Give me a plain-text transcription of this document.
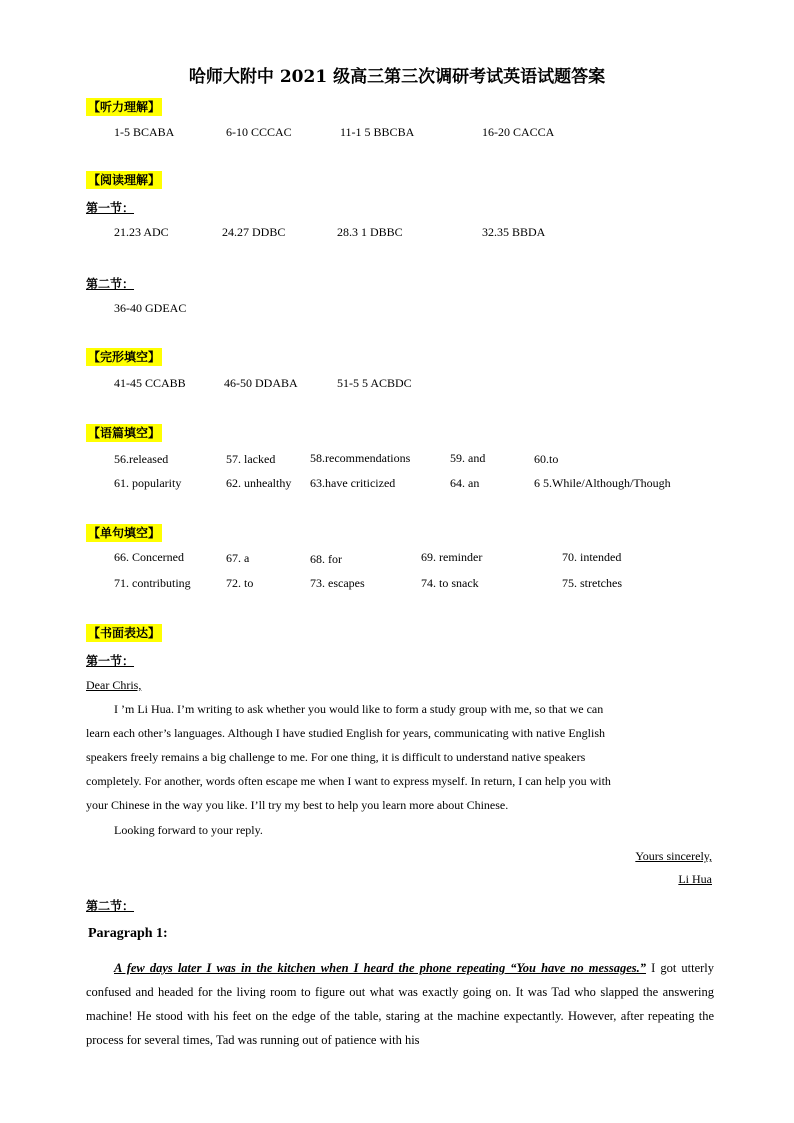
哈师大附中 2021 级高三第三次调研考试英语试题答案
【听力理解】
1-5 BCABA	6-10 CCCAC	11-1 5 BBCBA	16-20 CACCA
【阅读理解】
第一节：
21.23 ADC	24.27 DDBC	28.3 1 DBBC	32.35 BBDA
第二节：
36-40 GDEAC
【完形填空】
41-45 CCABB	46-50 DDABA	51-5 5 ACBDC
【语篇填空】
56.released	57. lacked	58.recommendations	59. and	60.to
61. popularity	62. unhealthy 63.have criticized	64. an	6 5.While/Although/Though
【单句填空】
66. Concerned	67. a	68. for	69. reminder	70. intended
71. contributing	72. to	73. escapes	74. to snack	75. stretches
【书面表达】
第一节：
Dear Chris,
I ’m Li Hua. I’m writing to ask whether you would like to form a study group with me, so that we can
learn each other’s languages. Although I have studied English for years, communicating with native English
speakers freely remains a big challenge to me. For one thing, it is difficult to understand native speakers
completely. For another, words often escape me when I want to express myself. In return, I can help you with
your Chinese in the way you like. I’ll try my best to help you learn more about Chinese.
Looking forward to your reply.
Yours sincerely,
Li Hua
第二节：
Paragraph 1:

A few days later I was in the kitchen when I heard the phone repeating “You have no messages.” I got utterly confused and headed for the living room to figure out what was exactly going on. It was Tad who slapped the answering machine! He stood with his feet on the edge of the table, staring at the machine expectantly. However, after repeating the process for several times, Tad was running out of patience with his
